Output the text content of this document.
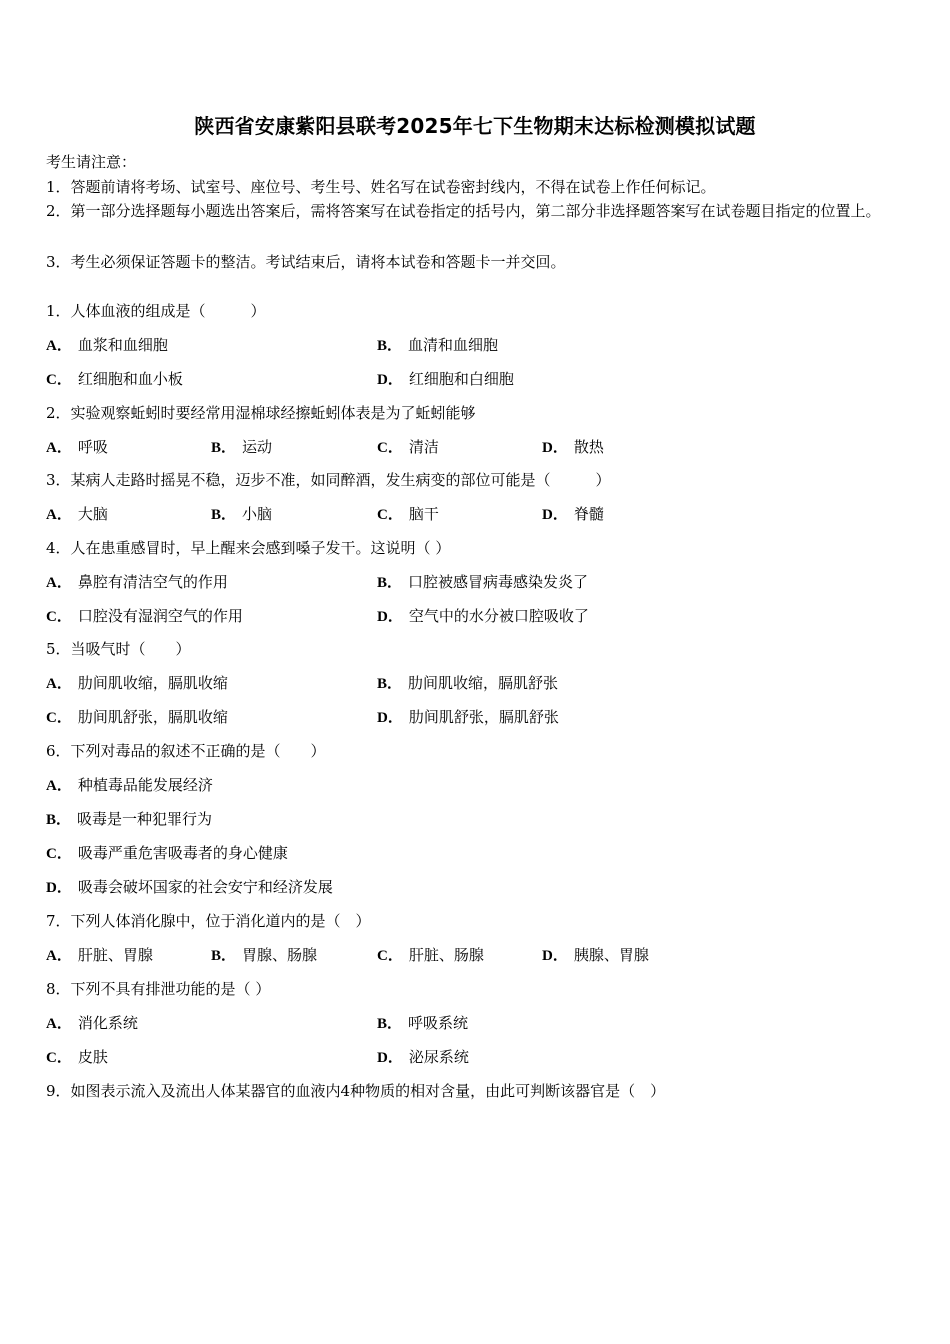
陕西省安康紫阳县联考2025年七下生物期末达标检测模拟试题
考生请注意：
1．答题前请将考场、试室号、座位号、考生号、姓名写在试卷密封线内，不得在试卷上作任何标记。
2．第一部分选择题每小题选出答案后，需将答案写在试卷指定的括号内，第二部分非选择题答案写在试卷题目指定的位置上。
3．考生必须保证答题卡的整洁。考试结束后，请将本试卷和答题卡一并交回。
1．人体血液的组成是（　　　）
A． 血浆和血细胞	B． 血清和血细胞
C． 红细胞和血小板	D． 红细胞和白细胞
2．实验观察蚯蚓时要经常用湿棉球经擦蚯蚓体表是为了蚯蚓能够
A． 呼吸	B． 运动	C． 清洁	D． 散热
3．某病人走路时摇晃不稳，迈步不准，如同醉酒，发生病变的部位可能是（　　　）
A． 大脑	B． 小脑	C． 脑干	D． 脊髓
4．人在患重感冒时，早上醒来会感到嗓子发干。这说明（ ）
A． 鼻腔有清洁空气的作用	B． 口腔被感冒病毒感染发炎了
C． 口腔没有湿润空气的作用	D． 空气中的水分被口腔吸收了
5．当吸气时（　　）
A． 肋间肌收缩，膈肌收缩	B． 肋间肌收缩，膈肌舒张
C． 肋间肌舒张，膈肌收缩	D． 肋间肌舒张，膈肌舒张
6．下列对毒品的叙述不正确的是（　　）
A． 种植毒品能发展经济
B． 吸毒是一种犯罪行为
C． 吸毒严重危害吸毒者的身心健康
D． 吸毒会破坏国家的社会安宁和经济发展
7．下列人体消化腺中，位于消化道内的是（　）
A． 肝脏、胃腺	B． 胃腺、肠腺	C． 肝脏、肠腺	D． 胰腺、胃腺
8．下列不具有排泄功能的是（ ）
A． 消化系统	B． 呼吸系统
C． 皮肤	D． 泌尿系统
9．如图表示流入及流出人体某器官的血液内4种物质的相对含量，由此可判断该器官是（　）
